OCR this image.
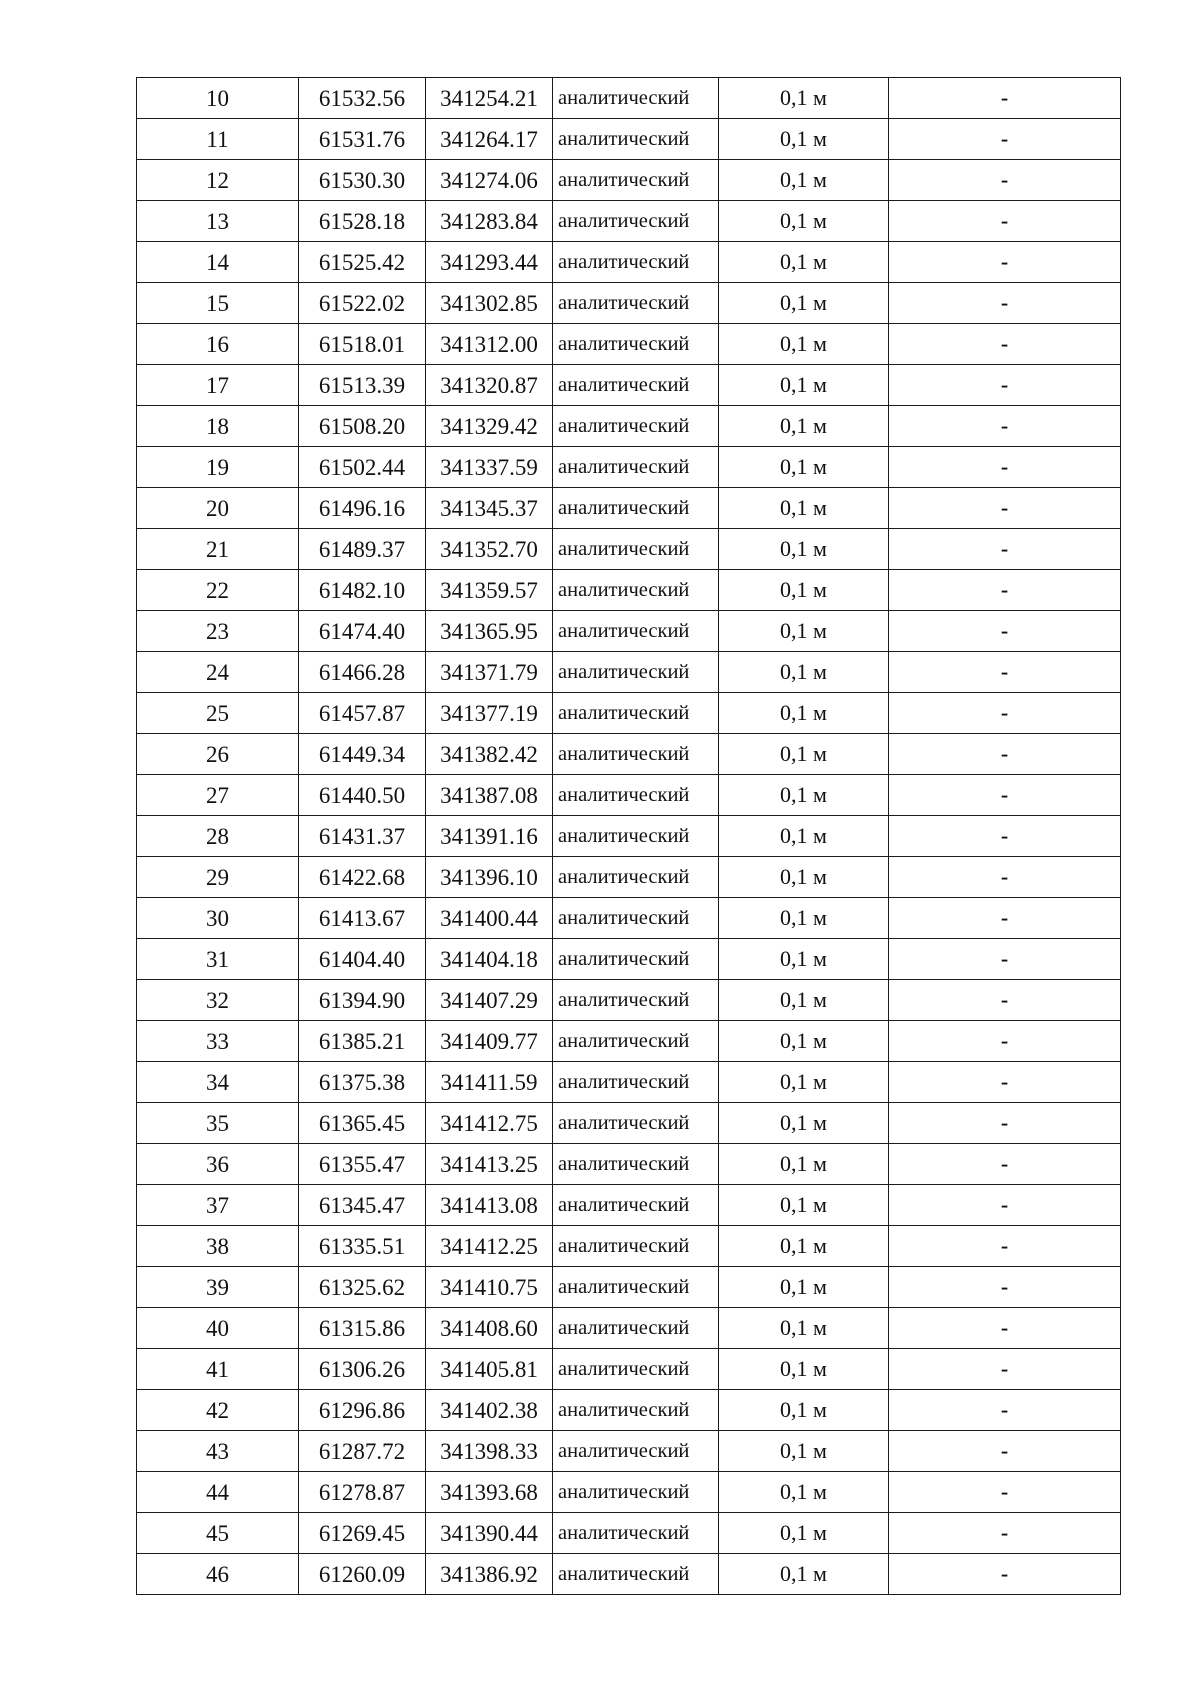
10	61532.56	341254.21	аналитический	0,1 м	-
11	61531.76	341264.17	аналитический	0,1 м	-
12	61530.30	341274.06	аналитический	0,1 м	-
13	61528.18	341283.84	аналитический	0,1 м	-
14	61525.42	341293.44	аналитический	0,1 м	-
15	61522.02	341302.85	аналитический	0,1 м	-
16	61518.01	341312.00	аналитический	0,1 м	-
17	61513.39	341320.87	аналитический	0,1 м	-
18	61508.20	341329.42	аналитический	0,1 м	-
19	61502.44	341337.59	аналитический	0,1 м	-
20	61496.16	341345.37	аналитический	0,1 м	-
21	61489.37	341352.70	аналитический	0,1 м	-
22	61482.10	341359.57	аналитический	0,1 м	-
23	61474.40	341365.95	аналитический	0,1 м	-
24	61466.28	341371.79	аналитический	0,1 м	-
25	61457.87	341377.19	аналитический	0,1 м	-
26	61449.34	341382.42	аналитический	0,1 м	-
27	61440.50	341387.08	аналитический	0,1 м	-
28	61431.37	341391.16	аналитический	0,1 м	-
29	61422.68	341396.10	аналитический	0,1 м	-
30	61413.67	341400.44	аналитический	0,1 м	-
31	61404.40	341404.18	аналитический	0,1 м	-
32	61394.90	341407.29	аналитический	0,1 м	-
33	61385.21	341409.77	аналитический	0,1 м	-
34	61375.38	341411.59	аналитический	0,1 м	-
35	61365.45	341412.75	аналитический	0,1 м	-
36	61355.47	341413.25	аналитический	0,1 м	-
37	61345.47	341413.08	аналитический	0,1 м	-
38	61335.51	341412.25	аналитический	0,1 м	-
39	61325.62	341410.75	аналитический	0,1 м	-
40	61315.86	341408.60	аналитический	0,1 м	-
41	61306.26	341405.81	аналитический	0,1 м	-
42	61296.86	341402.38	аналитический	0,1 м	-
43	61287.72	341398.33	аналитический	0,1 м	-
44	61278.87	341393.68	аналитический	0,1 м	-
45	61269.45	341390.44	аналитический	0,1 м	-
46	61260.09	341386.92	аналитический	0,1 м	-
